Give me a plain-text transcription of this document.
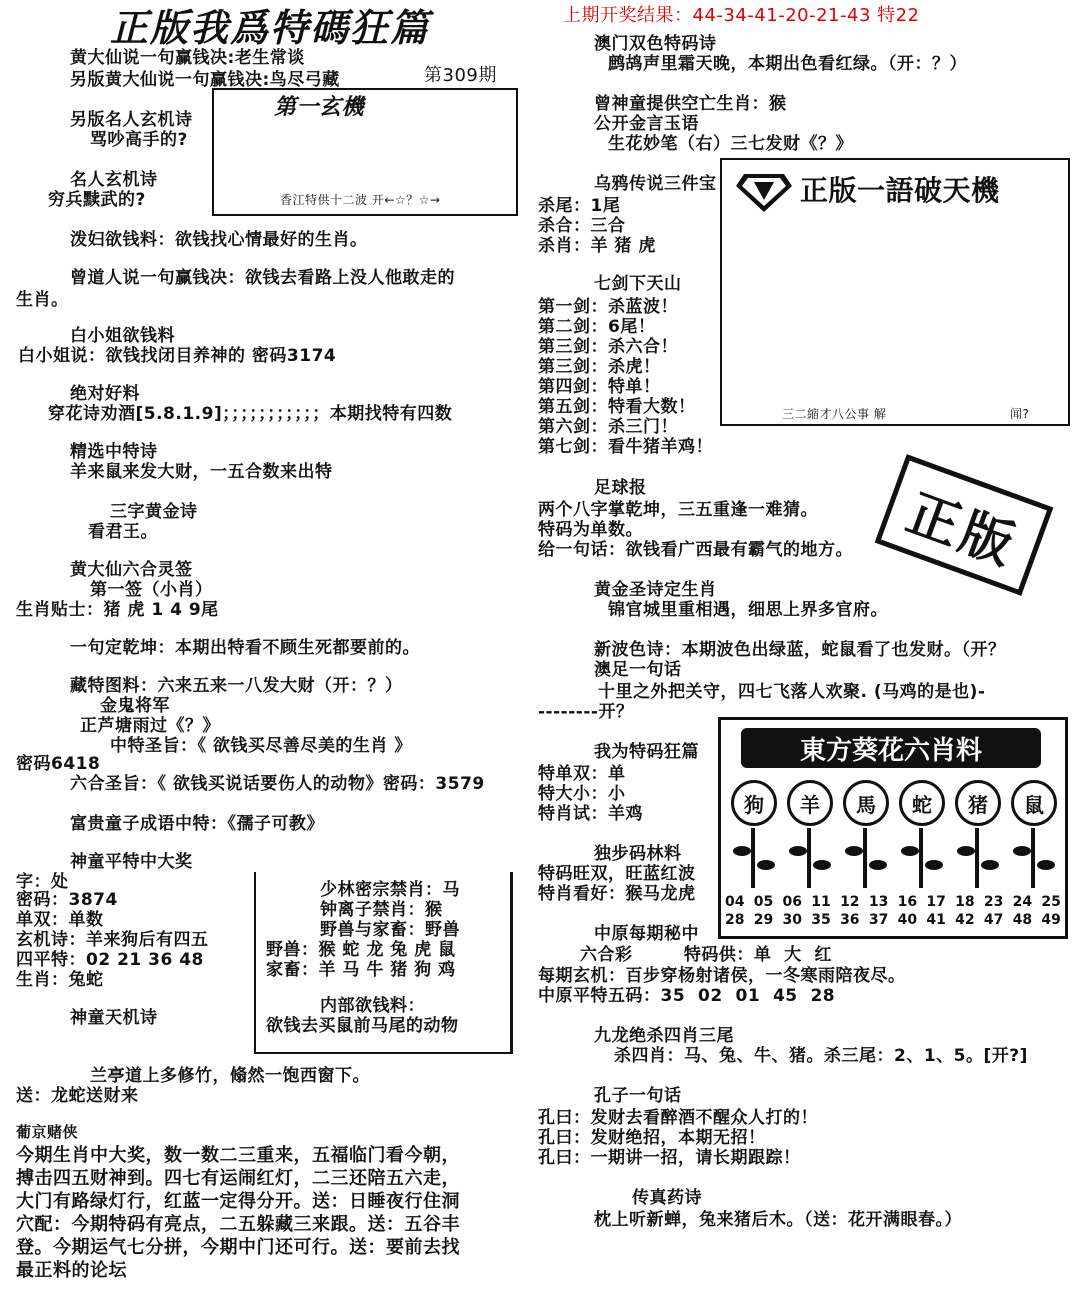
正版我爲特碼狂篇	上期开奖结果：44-34-41-20-21-43 特22
第309期
黄大仙说一句赢钱决:老生常谈
另版黄大仙说一句赢钱决:鸟尽弓藏
另版名人玄机诗
骂吵高手的?
名人玄机诗
穷兵黩武的?
泼妇欲钱料：欲钱找心情最好的生肖。
曾道人说一句赢钱决：欲钱去看路上没人他敢走的
生肖。
白小姐欲钱料
白小姐说：欲钱找闭目养神的 密码3174
绝对好料
穿花诗劝酒[5.8.1.9]；；；；；；；；；；；本期找特有四数
精选中特诗
羊来鼠来发大财，一五合数来出特
三字黄金诗
看君王。
黄大仙六合灵签
第一签（小肖）
生肖贴士：猪 虎 1 4 9尾
一句定乾坤：本期出特看不顾生死都要前的。
藏特图料：六来五来一八发大财（开：？）
金鬼将军
正芦塘雨过《？》
中特圣旨：《 欲钱买尽善尽美的生肖 》
密码6418
六合圣旨：《 欲钱买说话要伤人的动物》密码：3579
富贵童子成语中特：《孺子可教》
神童平特中大奖
字：处
密码：3874
单双：单数
玄机诗：羊来狗后有四五
四平特：02 21 36 48
生肖：兔蛇
神童天机诗
兰亭道上多修竹，翛然一饱西窗下。
送：龙蛇送财来
葡京赌侠
今期生肖中大奖，数一数二三重来，五福临门看今朝，
搏击四五财神到。四七有运闹红灯，二三还陪五六走，
大门有路绿灯行，红蓝一定得分开。送：日睡夜行住洞
穴配：今期特码有亮点，二五躲藏三来跟。送：五谷丰
登。今期运气七分拼，今期中门还可行。送：要前去找
最正料的论坛
第一玄機
香江特供十二波 开←☆？☆→
少林密宗禁肖：马
钟离子禁肖：猴
野兽与家畜：野兽
野兽：猴 蛇 龙 兔 虎 鼠
家畜：羊 马 牛 猪 狗 鸡
内部欲钱料：
欲钱去买鼠前马尾的动物
澳门双色特码诗
鹧鸪声里霜天晚，本期出色看红绿。（开：？）
曾神童提供空亡生肖：猴
公开金言玉语
生花妙笔（右）三七发财《？》
乌鸦传说三件宝
杀尾：1尾
杀合：三合
杀肖：羊 猪 虎
七剑下天山
第一剑：杀蓝波！
第二剑：6尾！
第三剑：杀六合！
第三剑：杀虎！
第四剑：特单！
第五剑：特看大数！
第六剑：杀三门！
第七剑：看牛猪羊鸡！
足球报
两个八字掌乾坤，三五重逢一难猜。
特码为单数。
给一句话：欲钱看广西最有霸气的地方。
黄金圣诗定生肖
锦官城里重相遇，细思上界多官府。
新波色诗：本期波色出绿蓝，蛇鼠看了也发财。（开？
澳足一句话
十里之外把关守，四七飞落人欢聚. (马鸡的是也)-
--------开？
我为特码狂篇
特单双：单
特大小：小
特肖试：羊鸡
独步码林料
特码旺双，旺蓝红波
特肖看好：猴马龙虎
中原每期秘中
六合彩        特码供：单  大  红
每期玄机：百步穿杨射诸侯，一冬寒雨陪夜尽。
中原平特五码：35  02  01  45  28
九龙绝杀四肖三尾
杀四肖：马、兔、牛、猪。杀三尾：2、1、5。[开?]
孔子一句话
孔曰：发财去看醉酒不醒众人打的！
孔曰：发财绝招，本期无招！
孔曰：一期讲一招，请长期跟踪！
传真药诗
枕上听新蝉，兔来猪后木。（送：花开满眼春。）
正版一語破天機
三二縮才八公事 解	闻?
正版
東方葵花六肖料
狗	羊	馬	蛇	猪	鼠
04 05 06 11 12 13 16 17 18 23 24 25
28 29 30 35 36 37 40 41 42 47 48 49
